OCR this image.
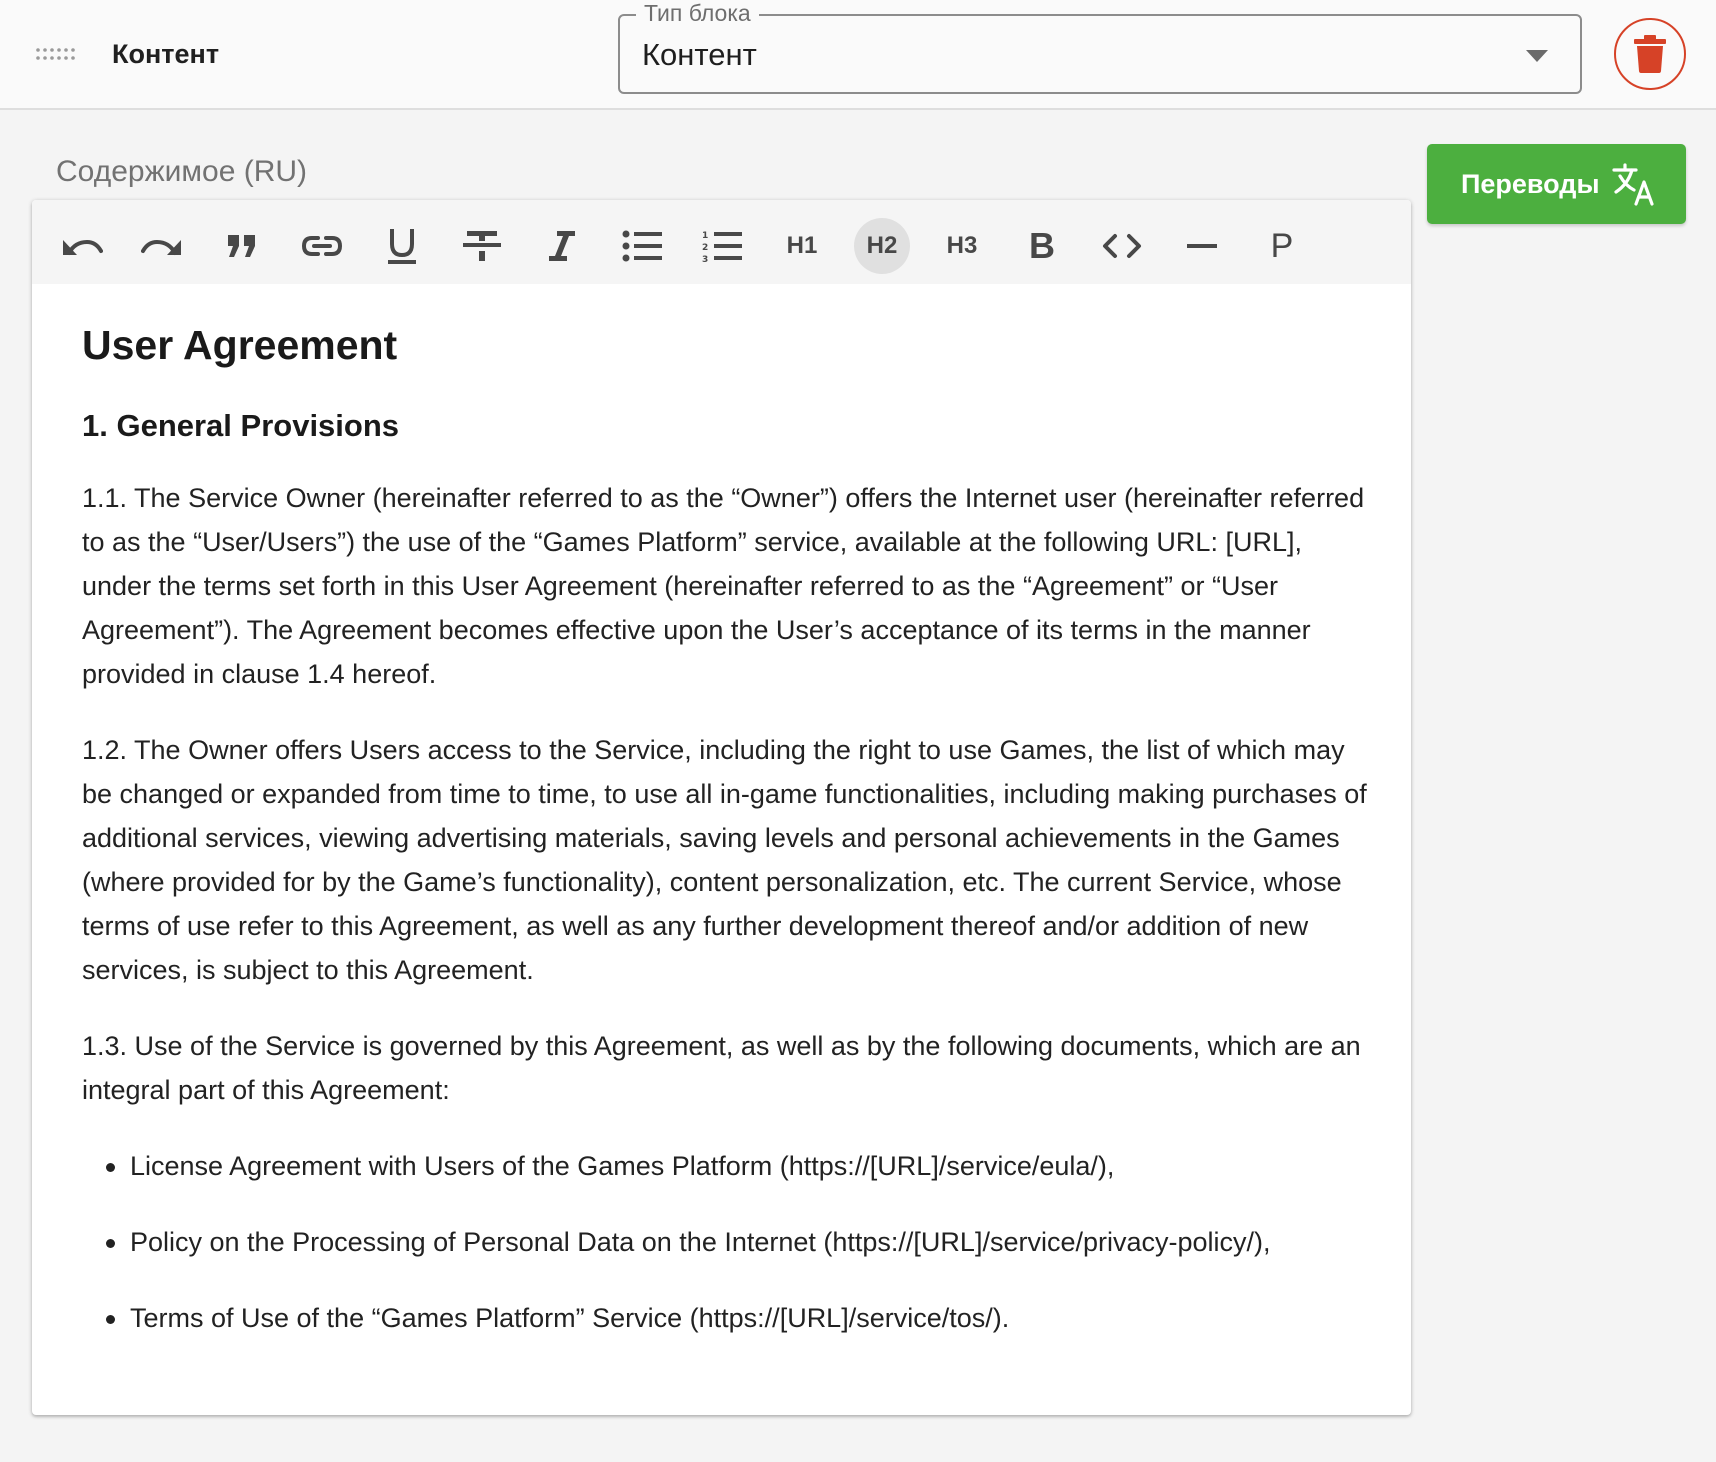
Контент
Тип блока
Контент
Содержимое (RU)	Переводы
1
2
3
H1	H2	H3	B	P
User Agreement
1. General Provisions

1.1. The Service Owner (hereinafter referred to as the “Owner”) offers the Internet user (hereinafter referred to as the “User/Users”) the use of the “Games Platform” service, available at the following URL: [URL], under the terms set forth in this User Agreement (hereinafter referred to as the “Agreement” or “User Agreement”). The Agreement becomes effective upon the User’s acceptance of its terms in the manner provided in clause 1.4 hereof.

1.2. The Owner offers Users access to the Service, including the right to use Games, the list of which may be changed or expanded from time to time, to use all in-game functionalities, including making purchases of additional services, viewing advertising materials, saving levels and personal achievements in the Games (where provided for by the Game’s functionality), content personalization, etc. The current Service, whose terms of use refer to this Agreement, as well as any further development thereof and/or addition of new services, is subject to this Agreement.

1.3. Use of the Service is governed by this Agreement, as well as by the following documents, which are an integral part of this Agreement:

License Agreement with Users of the Games Platform (https://[URL]/service/eula/),
Policy on the Processing of Personal Data on the Internet (https://[URL]/service/privacy-policy/),
Terms of Use of the “Games Platform” Service (https://[URL]/service/tos/).
